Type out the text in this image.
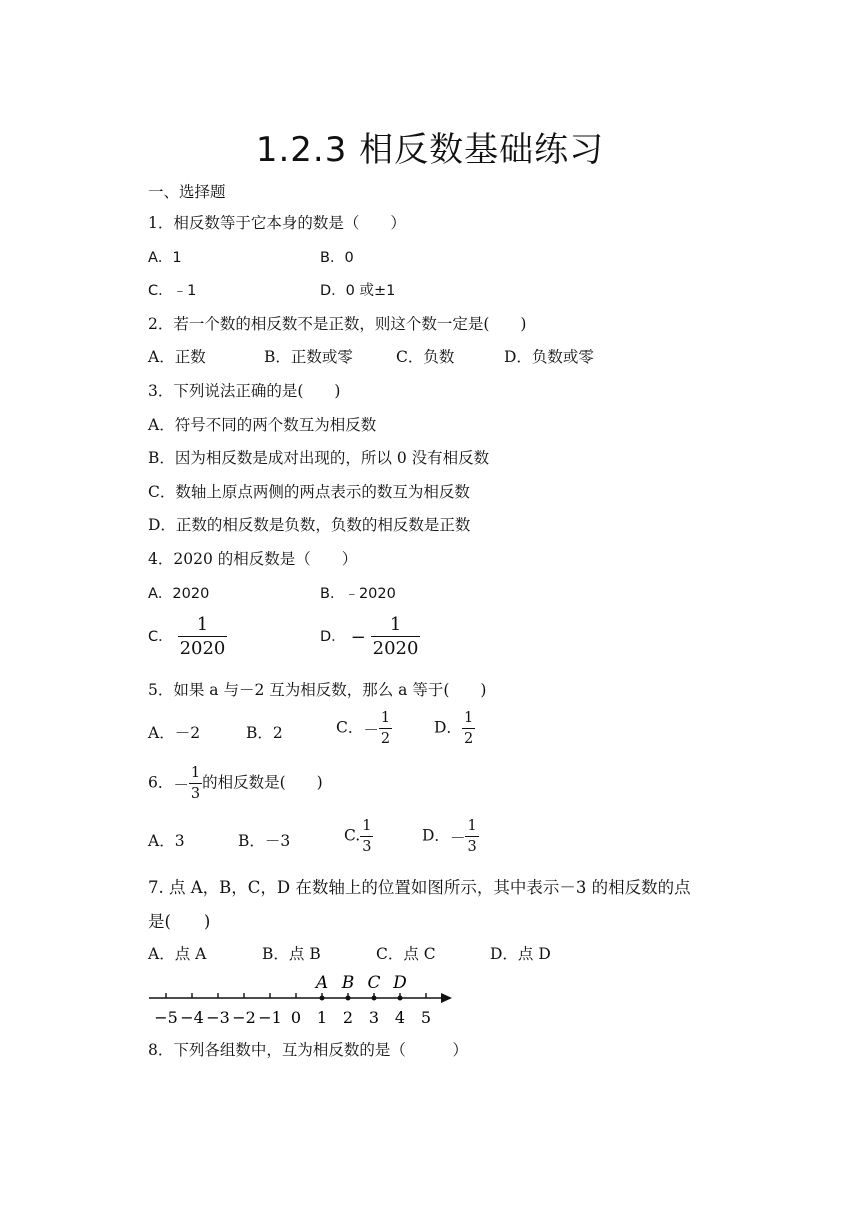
1.2.3 相反数基础练习
一、选择题
1．相反数等于它本身的数是（　　）
A．1	B．0
C．﹣1	D．0 或±1
2．若一个数的相反数不是正数，则这个数一定是(　　)
A．正数	B．正数或零	C．负数	D．负数或零
3．下列说法正确的是(　　)
A．符号不同的两个数互为相反数
B．因为相反数是成对出现的，所以 0 没有相反数
C．数轴上原点两侧的两点表示的数互为相反数
D．正数的相反数是负数，负数的相反数是正数
4．2020 的相反数是（　　）
A．2020	B．﹣2020
C． $\frac{1}{2020}$	D． − $\frac{1}{2020}$
5．如果 a 与－2 互为相反数，那么 a 等于(　　)
A．－2	B．2	C．－ $\frac{1}{2}$	D． $\frac{1}{2}$
6．－ $\frac{1}{3}$ 的相反数是(　　)
A．3	B．－3	C. $\frac{1}{3}$	D．－ $\frac{1}{3}$
7. 点 A，B，C，D 在数轴上的位置如图所示，其中表示－3 的相反数的点
是(　　)
A．点 A	B．点 B	C．点 C	D．点 D
−5 −4 −3 −2 −1 0 1 2 3 4 5
A B C D
8．下列各组数中，互为相反数的是（　　　）
